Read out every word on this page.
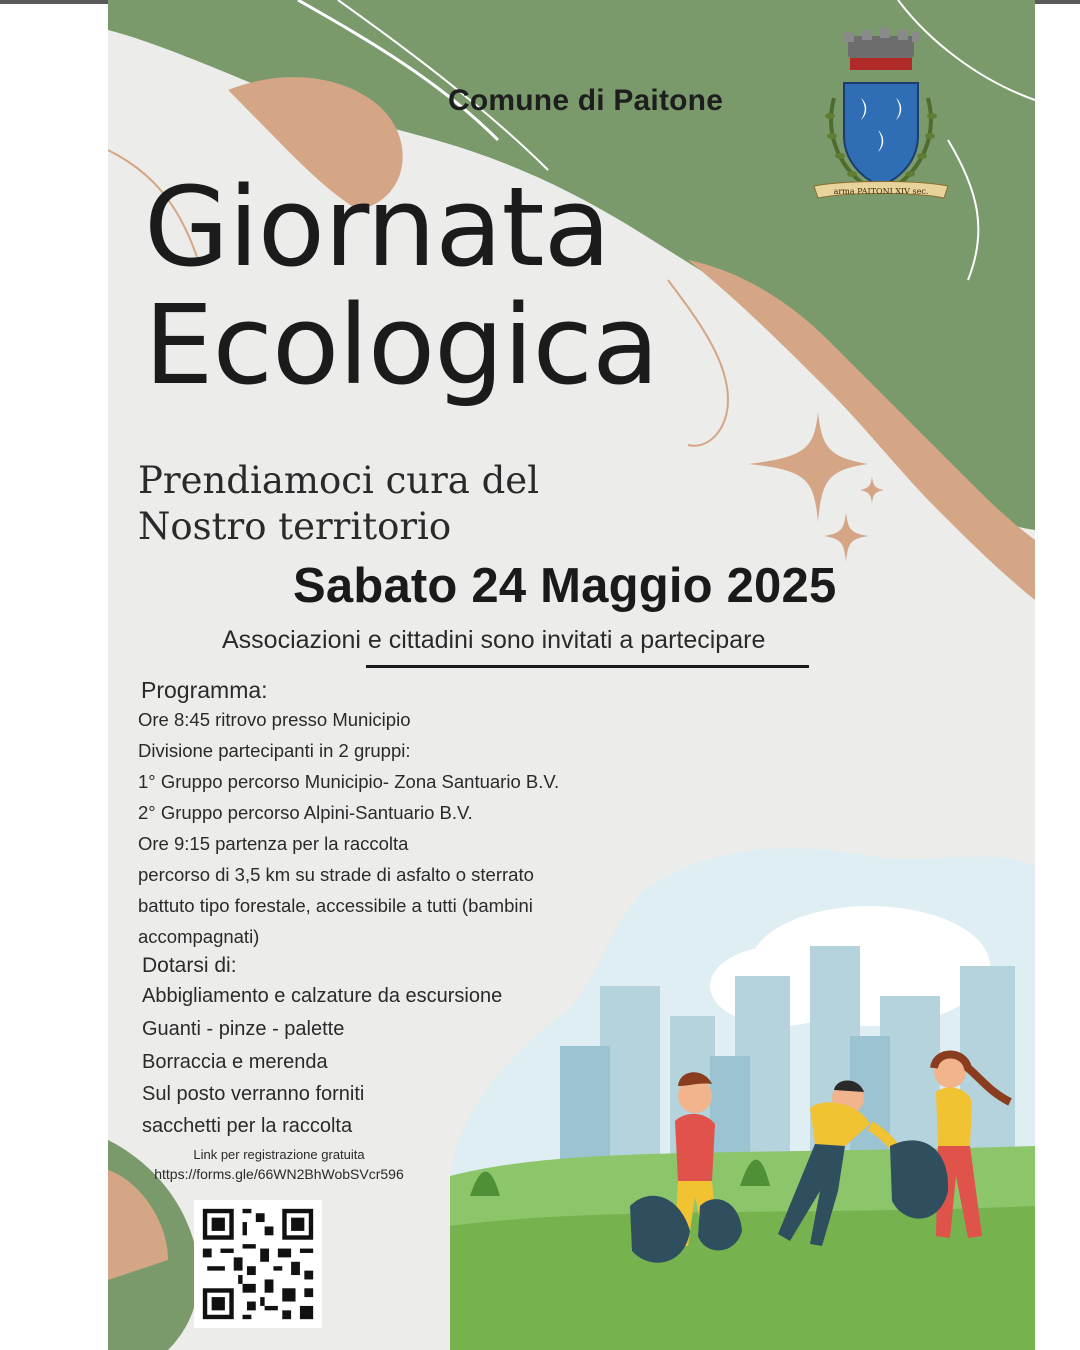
Comune di Paitone
arma PAITONI XIV sec.
Giornata
Ecologica
Prendiamoci cura del
Nostro territorio
Sabato 24 Maggio 2025
Associazioni e cittadini sono invitati a partecipare
Programma:
Ore 8:45 ritrovo presso Municipio
Divisione partecipanti in 2 gruppi:
1° Gruppo percorso Municipio- Zona Santuario B.V.
2° Gruppo percorso Alpini-Santuario B.V.
Ore 9:15 partenza per la raccolta
percorso di 3,5 km su strade di asfalto o sterrato
battuto tipo forestale, accessibile a tutti (bambini
accompagnati)
Dotarsi di:
Abbigliamento e calzature da escursione
Guanti - pinze - palette
Borraccia e merenda
Sul posto verranno forniti
sacchetti per la raccolta
Link per registrazione gratuita
https://forms.gle/66WN2BhWobSVcr596
